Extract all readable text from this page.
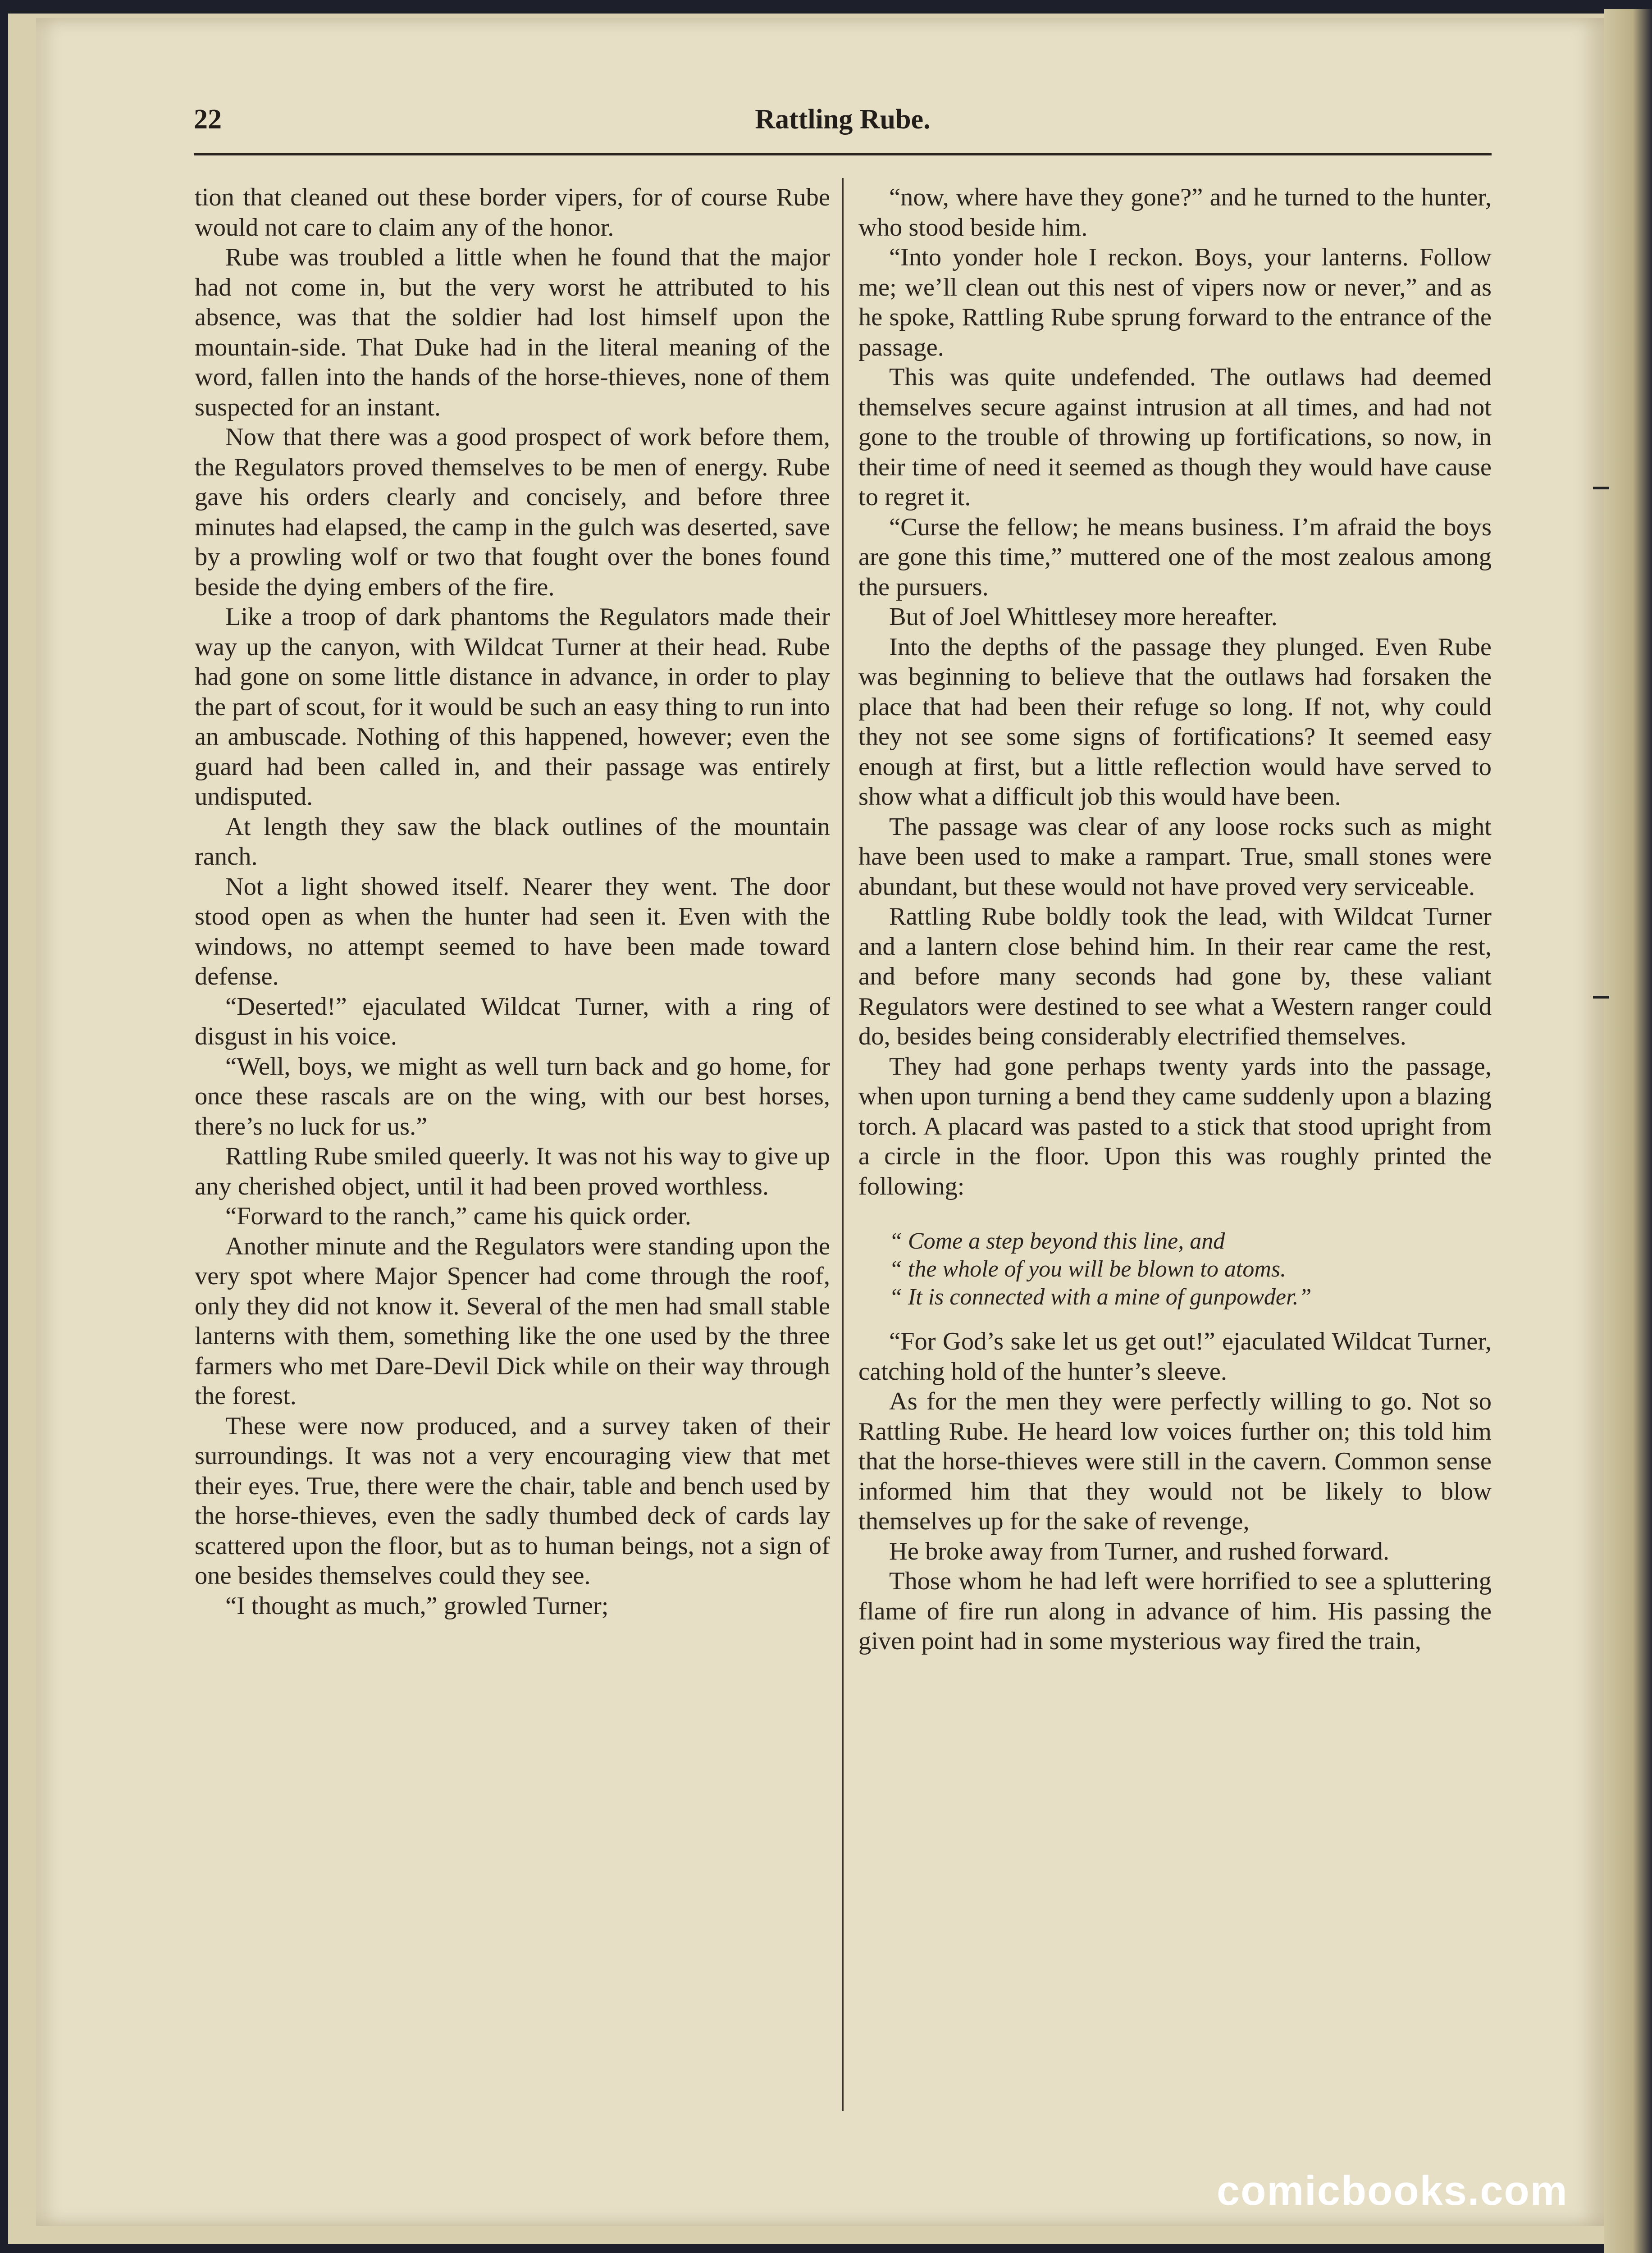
22	Rattling Rube.

tion that cleaned out these border vipers, for of course Rube would not care to claim any of the honor.

Rube was troubled a little when he found that the major had not come in, but the very worst he attributed to his absence, was that the soldier had lost himself upon the mountain-side. That Duke had in the literal meaning of the word, fallen into the hands of the horse-thieves, none of them suspected for an instant.

Now that there was a good prospect of work before them, the Regulators proved themselves to be men of energy. Rube gave his orders clearly and concisely, and before three minutes had elapsed, the camp in the gulch was deserted, save by a prowling wolf or two that fought over the bones found beside the dying embers of the fire.

Like a troop of dark phantoms the Regulators made their way up the canyon, with Wildcat Turner at their head. Rube had gone on some little distance in advance, in order to play the part of scout, for it would be such an easy thing to run into an ambuscade. Nothing of this happened, however; even the guard had been called in, and their passage was entirely undisputed.

At length they saw the black outlines of the mountain ranch.

Not a light showed itself. Nearer they went. The door stood open as when the hunter had seen it. Even with the windows, no attempt seemed to have been made toward defense.

“Deserted!” ejaculated Wildcat Turner, with a ring of disgust in his voice.

“Well, boys, we might as well turn back and go home, for once these rascals are on the wing, with our best horses, there’s no luck for us.”

Rattling Rube smiled queerly. It was not his way to give up any cherished object, until it had been proved worthless.

“Forward to the ranch,” came his quick order.

Another minute and the Regulators were standing upon the very spot where Major Spencer had come through the roof, only they did not know it. Several of the men had small stable lanterns with them, something like the one used by the three farmers who met Dare-Devil Dick while on their way through the forest.

These were now produced, and a survey taken of their surroundings. It was not a very encouraging view that met their eyes. True, there were the chair, table and bench used by the horse-thieves, even the sadly thumbed deck of cards lay scattered upon the floor, but as to human beings, not a sign of one besides themselves could they see.

“I thought as much,” growled Turner;

“now, where have they gone?” and he turned to the hunter, who stood beside him.

“Into yonder hole I reckon. Boys, your lanterns. Follow me; we’ll clean out this nest of vipers now or never,” and as he spoke, Rattling Rube sprung forward to the entrance of the passage.

This was quite undefended. The outlaws had deemed themselves secure against intrusion at all times, and had not gone to the trouble of throwing up fortifications, so now, in their time of need it seemed as though they would have cause to regret it.

“Curse the fellow; he means business. I’m afraid the boys are gone this time,” muttered one of the most zealous among the pursuers.

But of Joel Whittlesey more hereafter.

Into the depths of the passage they plunged. Even Rube was beginning to believe that the outlaws had forsaken the place that had been their refuge so long. If not, why could they not see some signs of fortifications? It seemed easy enough at first, but a little reflection would have served to show what a difficult job this would have been.

The passage was clear of any loose rocks such as might have been used to make a rampart. True, small stones were abundant, but these would not have proved very serviceable.

Rattling Rube boldly took the lead, with Wildcat Turner and a lantern close behind him. In their rear came the rest, and before many seconds had gone by, these valiant Regulators were destined to see what a Western ranger could do, besides being considerably electrified themselves.

They had gone perhaps twenty yards into the passage, when upon turning a bend they came suddenly upon a blazing torch. A placard was pasted to a stick that stood upright from a circle in the floor. Upon this was roughly printed the following:

“ Come a step beyond this line, and
“ the whole of you will be blown to atoms.
“ It is connected with a mine of gunpowder.”

“For God’s sake let us get out!” ejaculated Wildcat Turner, catching hold of the hunter’s sleeve.

As for the men they were perfectly willing to go. Not so Rattling Rube. He heard low voices further on; this told him that the horse-thieves were still in the cavern. Common sense informed him that they would not be likely to blow themselves up for the sake of revenge,

He broke away from Turner, and rushed forward.

Those whom he had left were horrified to see a spluttering flame of fire run along in advance of him. His passing the given point had in some mysterious way fired the train,

comicbooks.com
